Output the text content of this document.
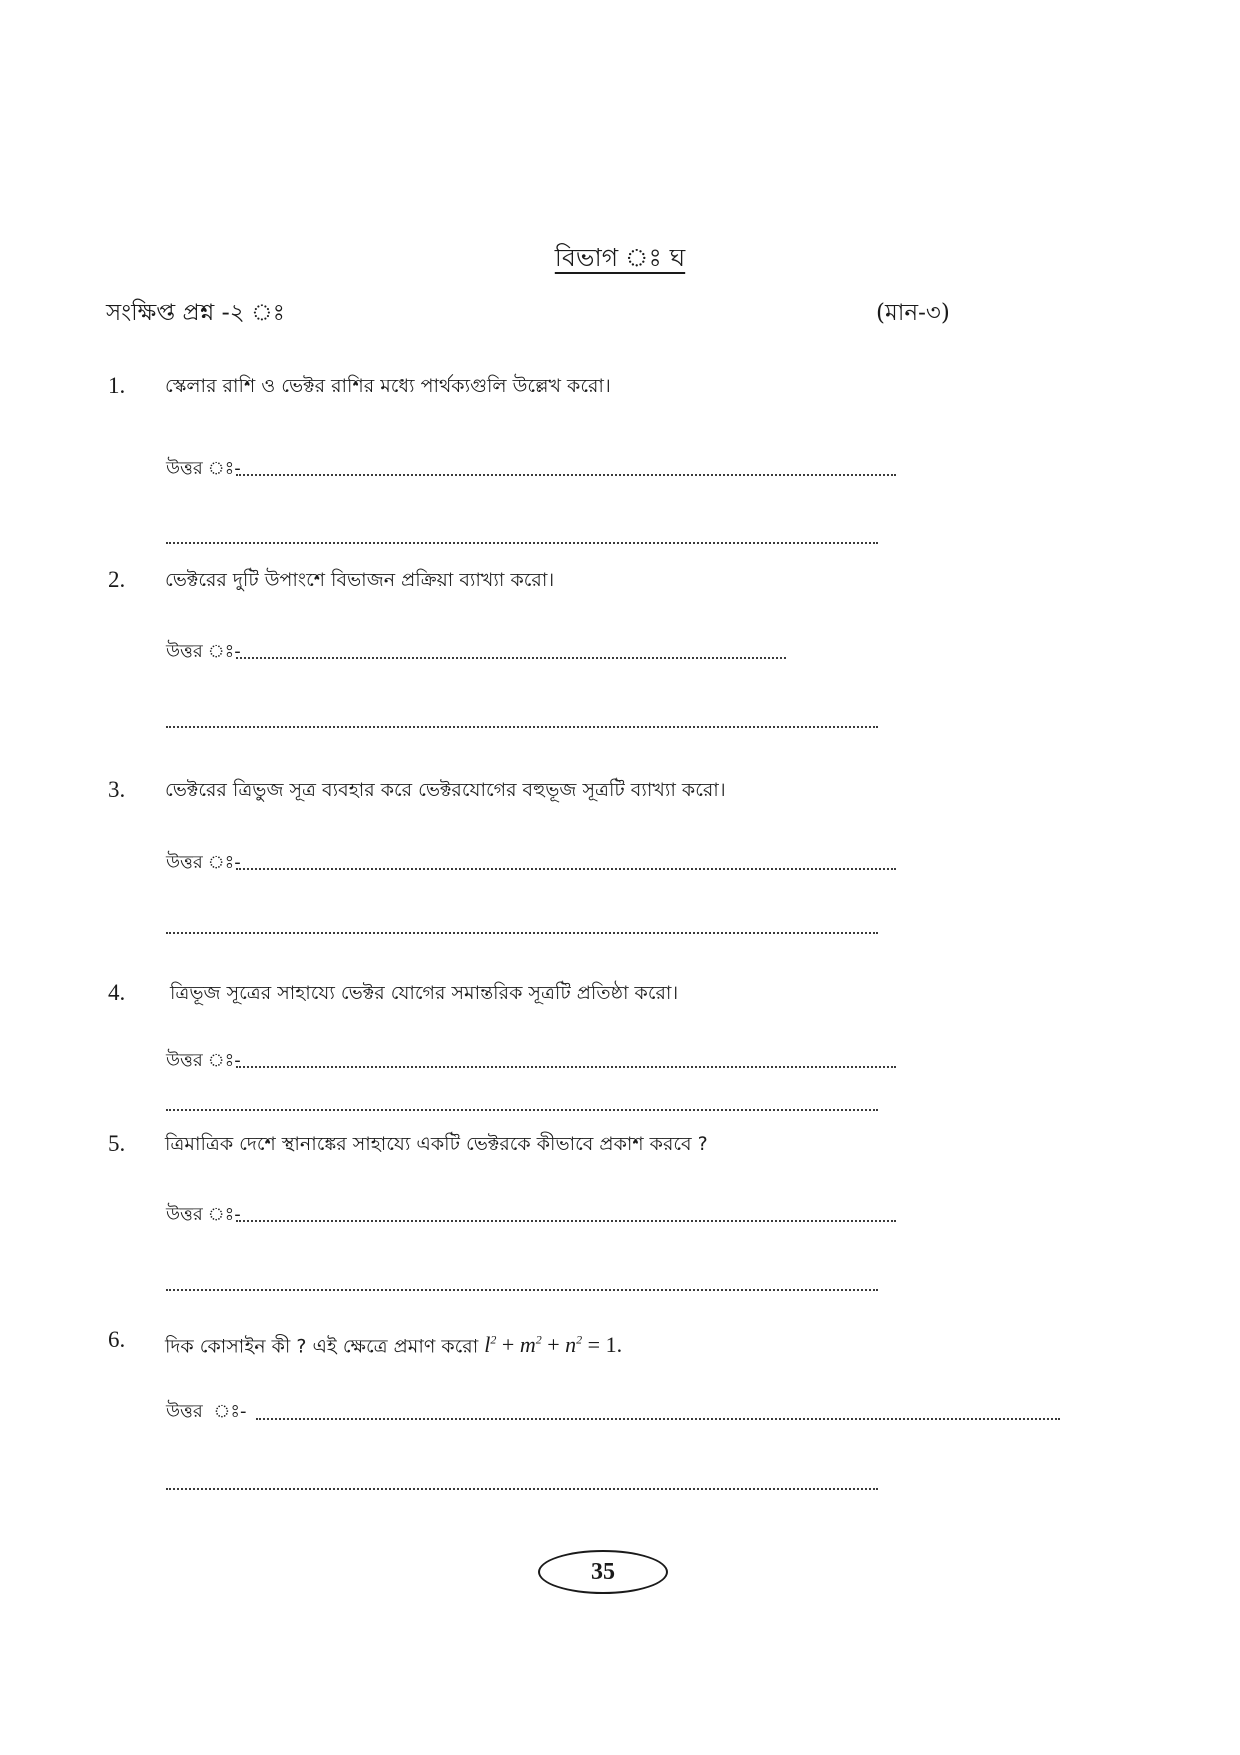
বিভাগ ঃ ঘ
সংক্ষিপ্ত প্রশ্ন -২ ঃ	(মান-৩)
1. স্কেলার রাশি ও ভেক্টর রাশির মধ্যে পার্থক্যগুলি উল্লেখ করো।
উত্তর ঃ-
2. ভেক্টরের দুটি উপাংশে বিভাজন প্রক্রিয়া ব্যাখ্যা করো।
উত্তর ঃ-
3. ভেক্টরের ত্রিভুজ সূত্র ব্যবহার করে ভেক্টরযোগের বহুভূজ সূত্রটি ব্যাখ্যা করো।
উত্তর ঃ-
4. ত্রিভূজ সূত্রের সাহায্যে ভেক্টর যোগের সমান্তরিক সূত্রটি প্রতিষ্ঠা করো।
উত্তর ঃ-
5. ত্রিমাত্রিক দেশে স্থানাঙ্কের সাহায্যে একটি ভেক্টরকে কীভাবে প্রকাশ করবে ?
উত্তর ঃ-
6. দিক কোসাইন কী ? এই ক্ষেত্রে প্রমাণ করো $l^2 + m^2 + n^2 = 1$.
উত্তর  ঃ-
35
